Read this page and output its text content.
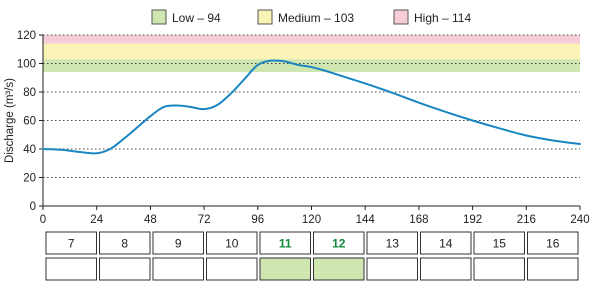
Low – 94	Medium – 103	High – 114
0
20
40
60
80
100
120
0	24	48	72	96	120	144	168	192	216	240
Discharge (m³/s)
7	8	9	10	11	12	13	14	15	16
